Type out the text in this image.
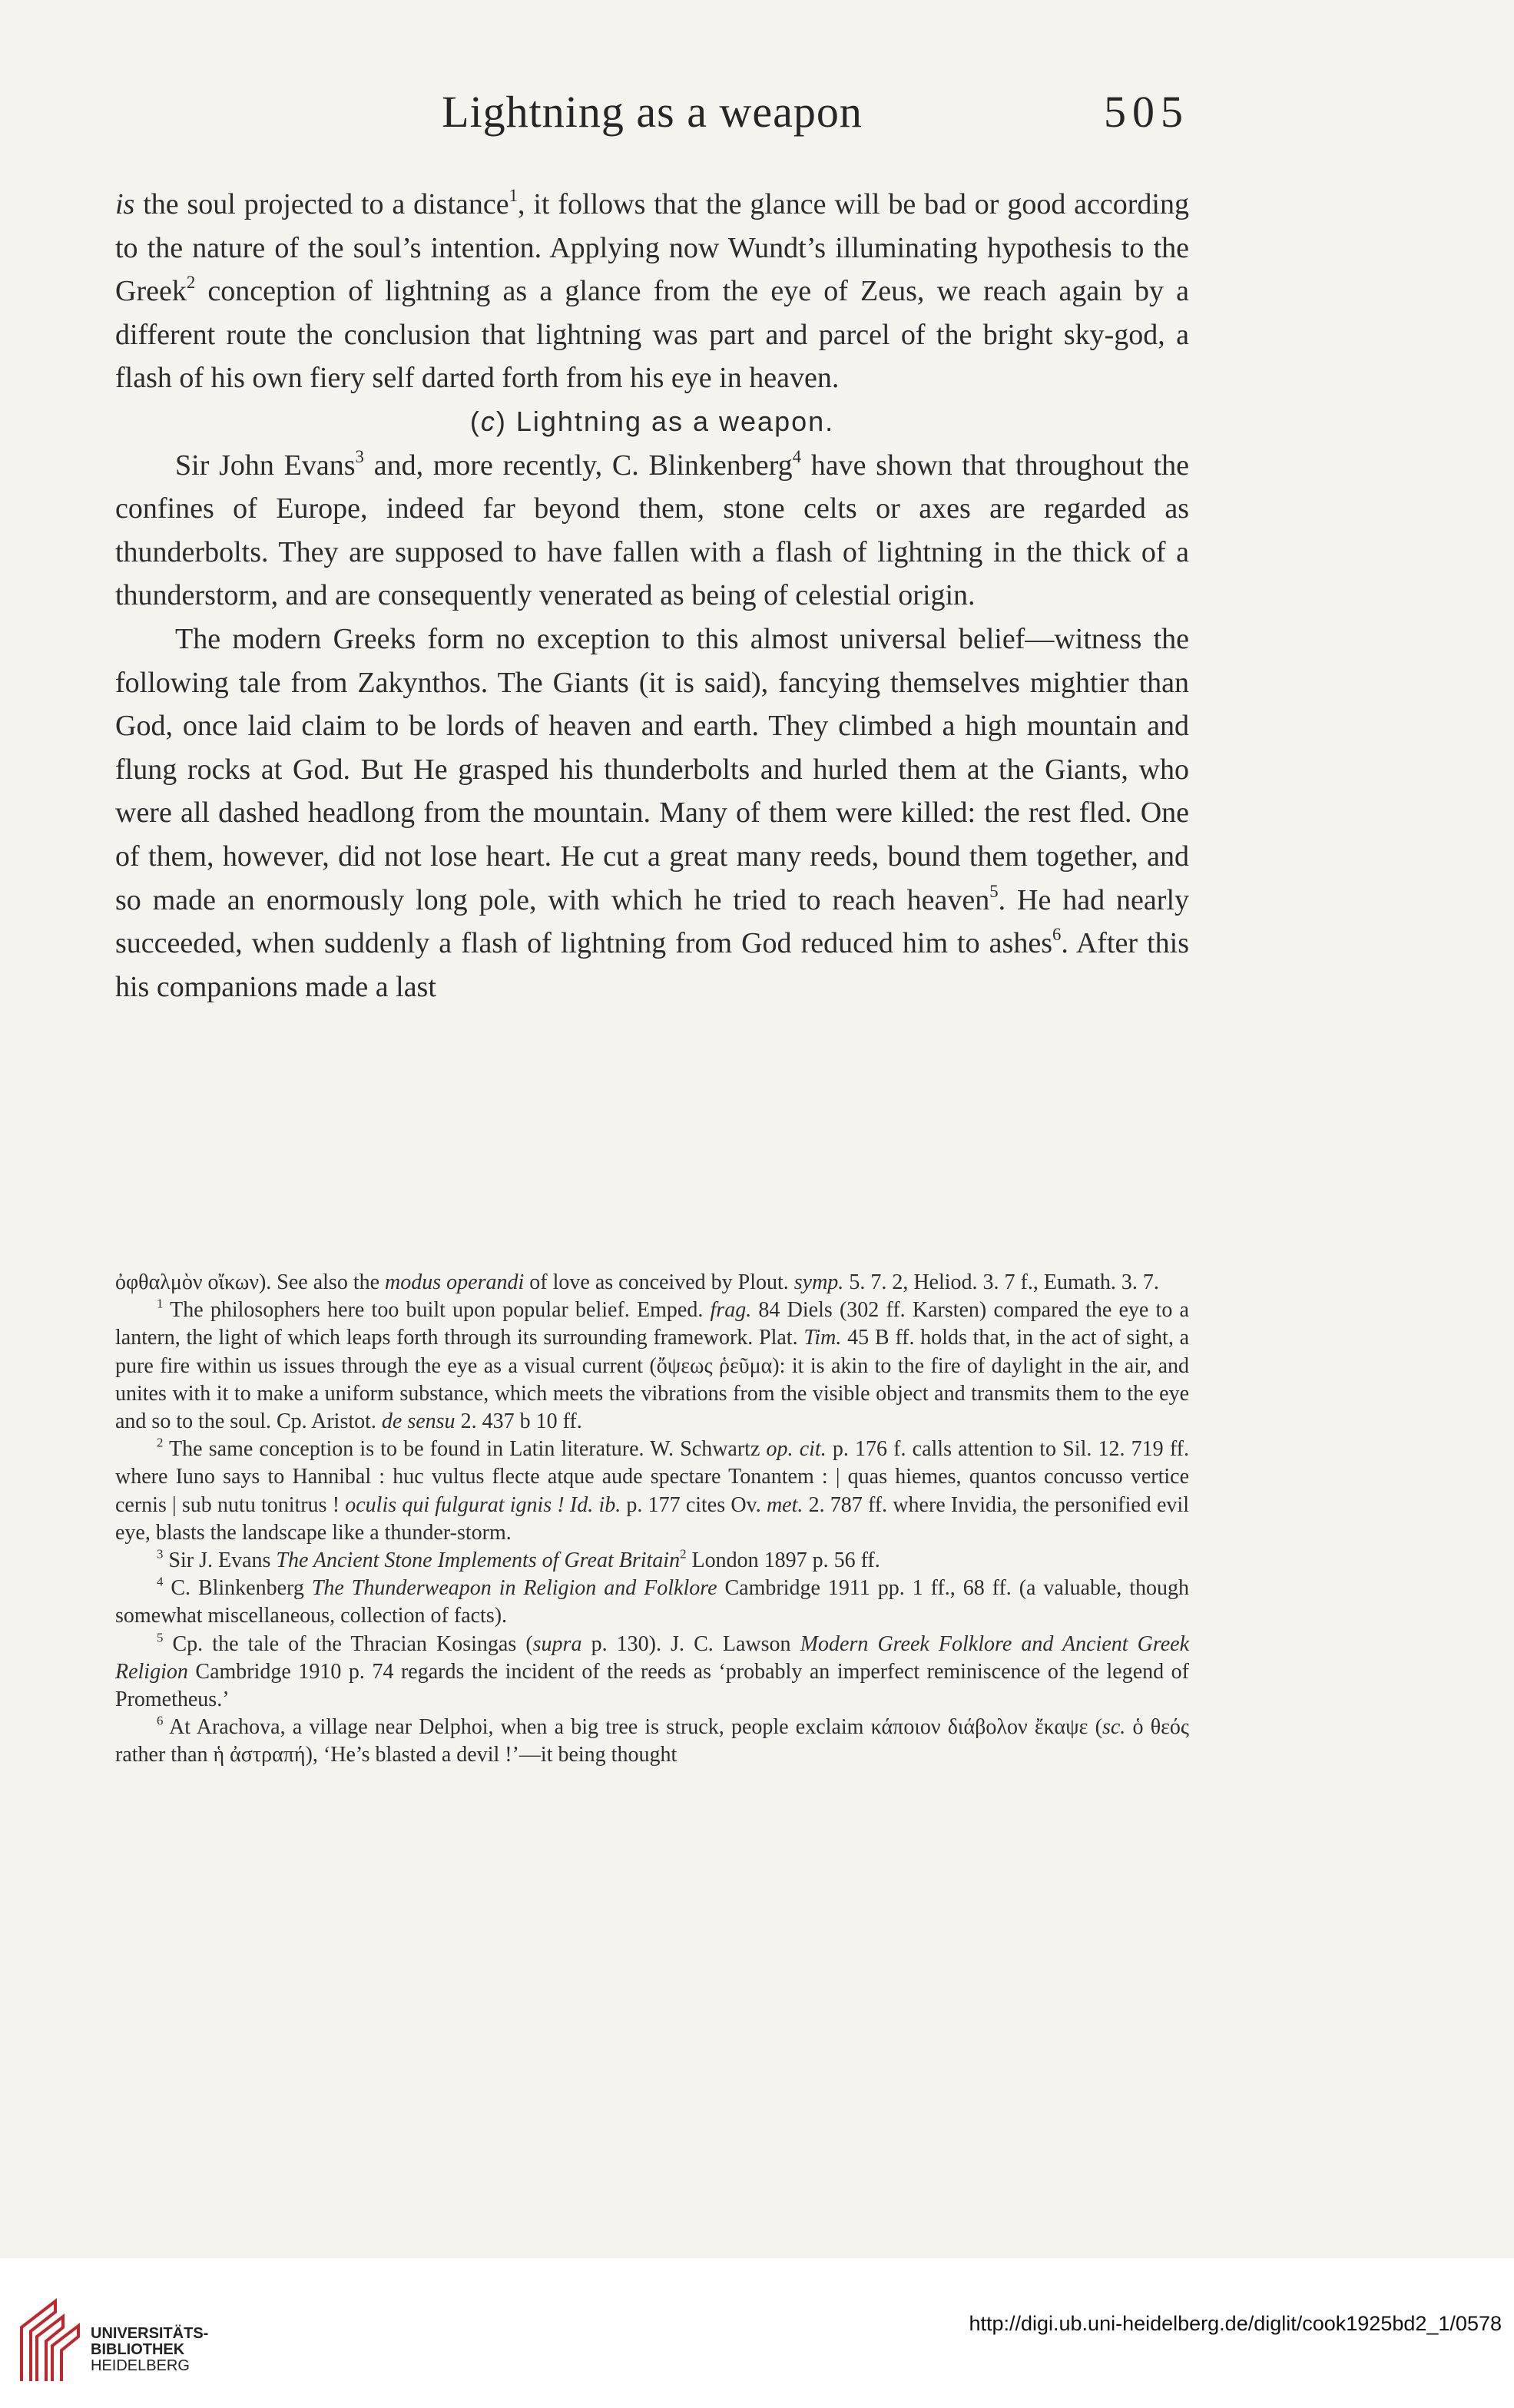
Lightning as a weapon	505

is the soul projected to a distance$^1$, it follows that the glance will be bad or good according to the nature of the soul’s intention. Applying now Wundt’s illuminating hypothesis to the Greek$^2$ conception of lightning as a glance from the eye of Zeus, we reach again by a different route the conclusion that lightning was part and parcel of the bright sky-god, a flash of his own fiery self darted forth from his eye in heaven.

(c) Lightning as a weapon.

Sir John Evans$^3$ and, more recently, C. Blinkenberg$^4$ have shown that throughout the confines of Europe, indeed far beyond them, stone celts or axes are regarded as thunderbolts. They are supposed to have fallen with a flash of lightning in the thick of a thunderstorm, and are consequently venerated as being of celestial origin.

The modern Greeks form no exception to this almost universal belief—witness the following tale from Zakynthos. The Giants (it is said), fancying themselves mightier than God, once laid claim to be lords of heaven and earth. They climbed a high mountain and flung rocks at God. But He grasped his thunderbolts and hurled them at the Giants, who were all dashed headlong from the mountain. Many of them were killed: the rest fled. One of them, however, did not lose heart. He cut a great many reeds, bound them together, and so made an enormously long pole, with which he tried to reach heaven$^5$. He had nearly succeeded, when suddenly a flash of lightning from God reduced him to ashes$^6$. After this his companions made a last

ὀφθαλμὸν οἴκων). See also the modus operandi of love as conceived by Plout. symp. 5. 7. 2, Heliod. 3. 7 f., Eumath. 3. 7.

$^1$ The philosophers here too built upon popular belief. Emped. frag. 84 Diels (302 ff. Karsten) compared the eye to a lantern, the light of which leaps forth through its surrounding framework. Plat. Tim. 45 B ff. holds that, in the act of sight, a pure fire within us issues through the eye as a visual current (ὄψεως ῥεῦμα): it is akin to the fire of daylight in the air, and unites with it to make a uniform substance, which meets the vibrations from the visible object and transmits them to the eye and so to the soul. Cp. Aristot. de sensu 2. 437 b 10 ff.

$^2$ The same conception is to be found in Latin literature. W. Schwartz op. cit. p. 176 f. calls attention to Sil. 12. 719 ff. where Iuno says to Hannibal : huc vultus flecte atque aude spectare Tonantem : | quas hiemes, quantos concusso vertice cernis | sub nutu tonitrus ! oculis qui fulgurat ignis ! Id. ib. p. 177 cites Ov. met. 2. 787 ff. where Invidia, the personified evil eye, blasts the landscape like a thunder-storm.

$^3$ Sir J. Evans The Ancient Stone Implements of Great Britain$^2$ London 1897 p. 56 ff.

$^4$ C. Blinkenberg The Thunderweapon in Religion and Folklore Cambridge 1911 pp. 1 ff., 68 ff. (a valuable, though somewhat miscellaneous, collection of facts).

$^5$ Cp. the tale of the Thracian Kosingas (supra p. 130). J. C. Lawson Modern Greek Folklore and Ancient Greek Religion Cambridge 1910 p. 74 regards the incident of the reeds as ‘probably an imperfect reminiscence of the legend of Prometheus.’

$^6$ At Arachova, a village near Delphoi, when a big tree is struck, people exclaim κάποιον διάβολον ἔκαψε (sc. ὁ θεός rather than ἡ ἀστραπή), ‘He’s blasted a devil !’—it being thought

UNIVERSITÄTS-
BIBLIOTHEK
HEIDELBERG
http://digi.ub.uni-heidelberg.de/diglit/cook1925bd2_1/0578
